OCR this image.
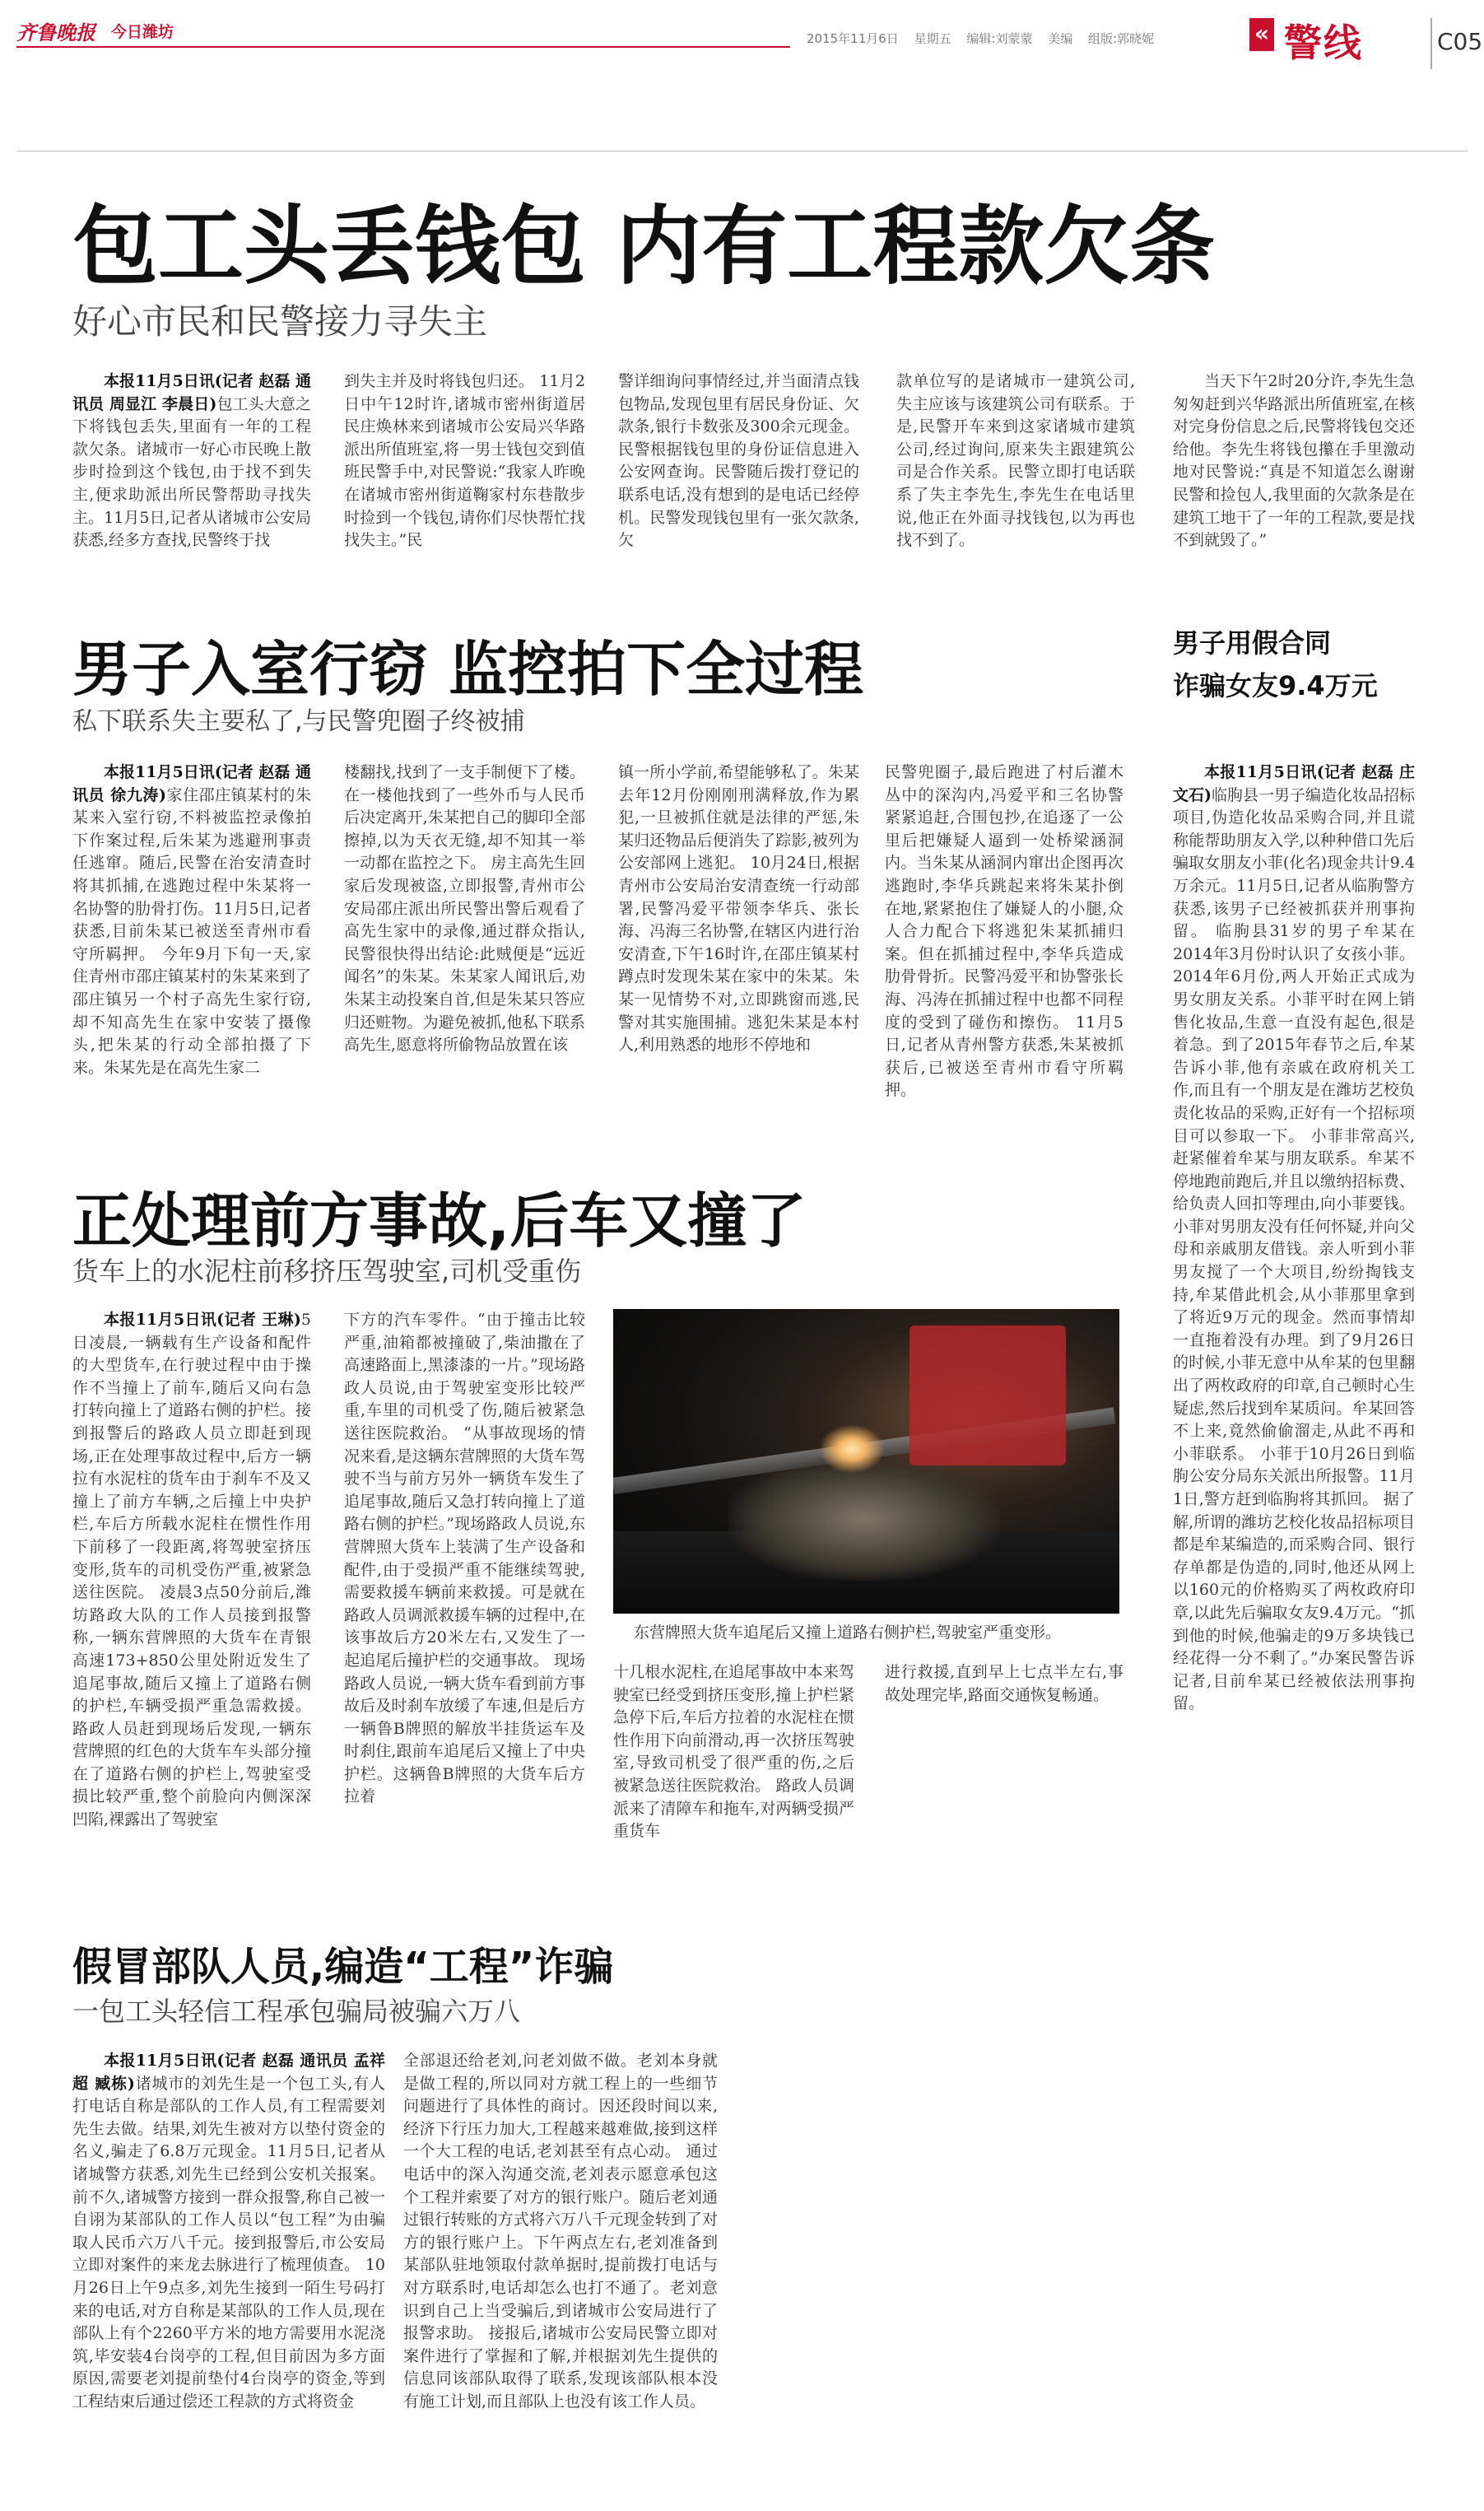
齐鲁晚报 今日潍坊	2015年11月6日 星期五 编辑:刘蒙蒙 美编 组版:郭晓妮	« 警线	C05
包工头丢钱包 内有工程款欠条
好心市民和民警接力寻失主

本报11月5日讯(记者 赵磊 通讯员 周显江 李晨日)包工头大意之下将钱包丢失,里面有一年的工程款欠条。诸城市一好心市民晚上散步时捡到这个钱包,由于找不到失主,便求助派出所民警帮助寻找失主。11月5日,记者从诸城市公安局获悉,经多方查找,民警终于找

到失主并及时将钱包归还。 11月2日中午12时许,诸城市密州街道居民庄焕林来到诸城市公安局兴华路派出所值班室,将一男士钱包交到值班民警手中,对民警说:“我家人昨晚在诸城市密州街道鞠家村东巷散步时捡到一个钱包,请你们尽快帮忙找找失主。”民
警详细询问事情经过,并当面清点钱包物品,发现包里有居民身份证、欠款条,银行卡数张及300余元现金。 民警根据钱包里的身份证信息进入公安网查询。民警随后拨打登记的联系电话,没有想到的是电话已经停机。民警发现钱包里有一张欠款条,欠
款单位写的是诸城市一建筑公司,失主应该与该建筑公司有联系。于是,民警开车来到这家诸城市建筑公司,经过询问,原来失主跟建筑公司是合作关系。民警立即打电话联系了失主李先生,李先生在电话里说,他正在外面寻找钱包,以为再也找不到了。

当天下午2时20分许,李先生急匆匆赶到兴华路派出所值班室,在核对完身份信息之后,民警将钱包交还给他。李先生将钱包攥在手里激动地对民警说:“真是不知道怎么谢谢民警和捡包人,我里面的欠款条是在建筑工地干了一年的工程款,要是找不到就毁了。”

男子入室行窃 监控拍下全过程
私下联系失主要私了,与民警兜圈子终被捕

本报11月5日讯(记者 赵磊 通讯员 徐九涛)家住邵庄镇某村的朱某来入室行窃,不料被监控录像拍下作案过程,后朱某为逃避刑事责任逃窜。随后,民警在治安清查时将其抓捕,在逃跑过程中朱某将一名协警的肋骨打伤。11月5日,记者获悉,目前朱某已被送至青州市看守所羁押。 今年9月下旬一天,家住青州市邵庄镇某村的朱某来到了邵庄镇另一个村子高先生家行窃,却不知高先生在家中安装了摄像头,把朱某的行动全部拍摄了下来。朱某先是在高先生家二

楼翻找,找到了一支手制便下了楼。在一楼他找到了一些外币与人民币后决定离开,朱某把自己的脚印全部擦掉,以为天衣无缝,却不知其一举一动都在监控之下。 房主高先生回家后发现被盗,立即报警,青州市公安局邵庄派出所民警出警后观看了高先生家中的录像,通过群众指认,民警很快得出结论:此贼便是“远近闻名”的朱某。朱某家人闻讯后,劝朱某主动投案自首,但是朱某只答应归还赃物。为避免被抓,他私下联系高先生,愿意将所偷物品放置在该
镇一所小学前,希望能够私了。朱某去年12月份刚刚刑满释放,作为累犯,一旦被抓住就是法律的严惩,朱某归还物品后便消失了踪影,被列为公安部网上逃犯。 10月24日,根据青州市公安局治安清查统一行动部署,民警冯爱平带领李华兵、张长海、冯海三名协警,在辖区内进行治安清查,下午16时许,在邵庄镇某村蹲点时发现朱某在家中的朱某。朱某一见情势不对,立即跳窗而逃,民警对其实施围捕。逃犯朱某是本村人,利用熟悉的地形不停地和
民警兜圈子,最后跑进了村后灌木丛中的深沟内,冯爱平和三名协警紧紧追赶,合围包抄,在追逐了一公里后把嫌疑人逼到一处桥梁涵洞内。当朱某从涵洞内窜出企图再次逃跑时,李华兵跳起来将朱某扑倒在地,紧紧抱住了嫌疑人的小腿,众人合力配合下将逃犯朱某抓捕归案。但在抓捕过程中,李华兵造成肋骨骨折。民警冯爱平和协警张长海、冯涛在抓捕过程中也都不同程度的受到了碰伤和擦伤。 11月5日,记者从青州警方获悉,朱某被抓获后,已被送至青州市看守所羁押。
正处理前方事故,后车又撞了
货车上的水泥柱前移挤压驾驶室,司机受重伤

本报11月5日讯(记者 王琳)5日凌晨,一辆载有生产设备和配件的大型货车,在行驶过程中由于操作不当撞上了前车,随后又向右急打转向撞上了道路右侧的护栏。接到报警后的路政人员立即赶到现场,正在处理事故过程中,后方一辆拉有水泥柱的货车由于刹车不及又撞上了前方车辆,之后撞上中央护栏,车后方所载水泥柱在惯性作用下前移了一段距离,将驾驶室挤压变形,货车的司机受伤严重,被紧急送往医院。 凌晨3点50分前后,潍坊路政大队的工作人员接到报警称,一辆东营牌照的大货车在青银高速173+850公里处附近发生了追尾事故,随后又撞上了道路右侧的护栏,车辆受损严重急需救援。路政人员赶到现场后发现,一辆东营牌照的红色的大货车车头部分撞在了道路右侧的护栏上,驾驶室受损比较严重,整个前脸向内侧深深凹陷,裸露出了驾驶室

下方的汽车零件。“由于撞击比较严重,油箱都被撞破了,柴油撒在了高速路面上,黑漆漆的一片。”现场路政人员说,由于驾驶室变形比较严重,车里的司机受了伤,随后被紧急送往医院救治。 “从事故现场的情况来看,是这辆东营牌照的大货车驾驶不当与前方另外一辆货车发生了追尾事故,随后又急打转向撞上了道路右侧的护栏。”现场路政人员说,东营牌照大货车上装满了生产设备和配件,由于受损严重不能继续驾驶,需要救援车辆前来救援。可是就在路政人员调派救援车辆的过程中,在该事故后方20米左右,又发生了一起追尾后撞护栏的交通事故。 现场路政人员说,一辆大货车看到前方事故后及时刹车放缓了车速,但是后方一辆鲁B牌照的解放半挂货运车及时刹住,跟前车追尾后又撞上了中央护栏。这辆鲁B牌照的大货车后方拉着
东营牌照大货车追尾后又撞上道路右侧护栏,驾驶室严重变形。
十几根水泥柱,在追尾事故中本来驾驶室已经受到挤压变形,撞上护栏紧急停下后,车后方拉着的水泥柱在惯性作用下向前滑动,再一次挤压驾驶室,导致司机受了很严重的伤,之后被紧急送往医院救治。 路政人员调派来了清障车和拖车,对两辆受损严重货车
进行救援,直到早上七点半左右,事故处理完毕,路面交通恢复畅通。
假冒部队人员,编造“工程”诈骗
一包工头轻信工程承包骗局被骗六万八

本报11月5日讯(记者 赵磊 通讯员 孟祥超 臧栋)诸城市的刘先生是一个包工头,有人打电话自称是部队的工作人员,有工程需要刘先生去做。结果,刘先生被对方以垫付资金的名义,骗走了6.8万元现金。11月5日,记者从诸城警方获悉,刘先生已经到公安机关报案。 前不久,诸城警方接到一群众报警,称自己被一自诩为某部队的工作人员以“包工程”为由骗取人民币六万八千元。接到报警后,市公安局立即对案件的来龙去脉进行了梳理侦查。 10月26日上午9点多,刘先生接到一陌生号码打来的电话,对方自称是某部队的工作人员,现在部队上有个2260平方米的地方需要用水泥浇筑,毕安装4台岗亭的工程,但目前因为多方面原因,需要老刘提前垫付4台岗亭的资金,等到工程结束后通过偿还工程款的方式将资金

全部退还给老刘,问老刘做不做。老刘本身就是做工程的,所以同对方就工程上的一些细节问题进行了具体性的商讨。因还段时间以来,经济下行压力加大,工程越来越难做,接到这样一个大工程的电话,老刘甚至有点心动。 通过电话中的深入沟通交流,老刘表示愿意承包这个工程并索要了对方的银行账户。随后老刘通过银行转账的方式将六万八千元现金转到了对方的银行账户上。下午两点左右,老刘准备到某部队驻地领取付款单据时,提前拨打电话与对方联系时,电话却怎么也打不通了。老刘意识到自己上当受骗后,到诸城市公安局进行了报警求助。 接报后,诸城市公安局民警立即对案件进行了掌握和了解,并根据刘先生提供的信息同该部队取得了联系,发现该部队根本没有施工计划,而且部队上也没有该工作人员。
男子用假合同
诈骗女友9.4万元

本报11月5日讯(记者 赵磊 庄文石)临朐县一男子编造化妆品招标项目,伪造化妆品采购合同,并且谎称能帮助朋友入学,以种种借口先后骗取女朋友小菲(化名)现金共计9.4万余元。11月5日,记者从临朐警方获悉,该男子已经被抓获并刑事拘留。 临朐县31岁的男子牟某在2014年3月份时认识了女孩小菲。2014年6月份,两人开始正式成为男女朋友关系。小菲平时在网上销售化妆品,生意一直没有起色,很是着急。到了2015年春节之后,牟某告诉小菲,他有亲戚在政府机关工作,而且有一个朋友是在潍坊艺校负责化妆品的采购,正好有一个招标项目可以参取一下。 小菲非常高兴,赶紧催着牟某与朋友联系。牟某不停地跑前跑后,并且以缴纳招标费、给负责人回扣等理由,向小菲要钱。小菲对男朋友没有任何怀疑,并向父母和亲戚朋友借钱。亲人听到小菲男友搅了一个大项目,纷纷掏钱支持,牟某借此机会,从小菲那里拿到了将近9万元的现金。然而事情却一直拖着没有办理。到了9月26日的时候,小菲无意中从牟某的包里翻出了两枚政府的印章,自己顿时心生疑虑,然后找到牟某质问。牟某回答不上来,竟然偷偷溜走,从此不再和小菲联系。 小菲于10月26日到临朐公安分局东关派出所报警。11月1日,警方赶到临朐将其抓回。 据了解,所谓的潍坊艺校化妆品招标项目都是牟某编造的,而采购合同、银行存单都是伪造的,同时,他还从网上以160元的价格购买了两枚政府印章,以此先后骗取女友9.4万元。“抓到他的时候,他骗走的9万多块钱已经花得一分不剩了。”办案民警告诉记者,目前牟某已经被依法刑事拘留。
